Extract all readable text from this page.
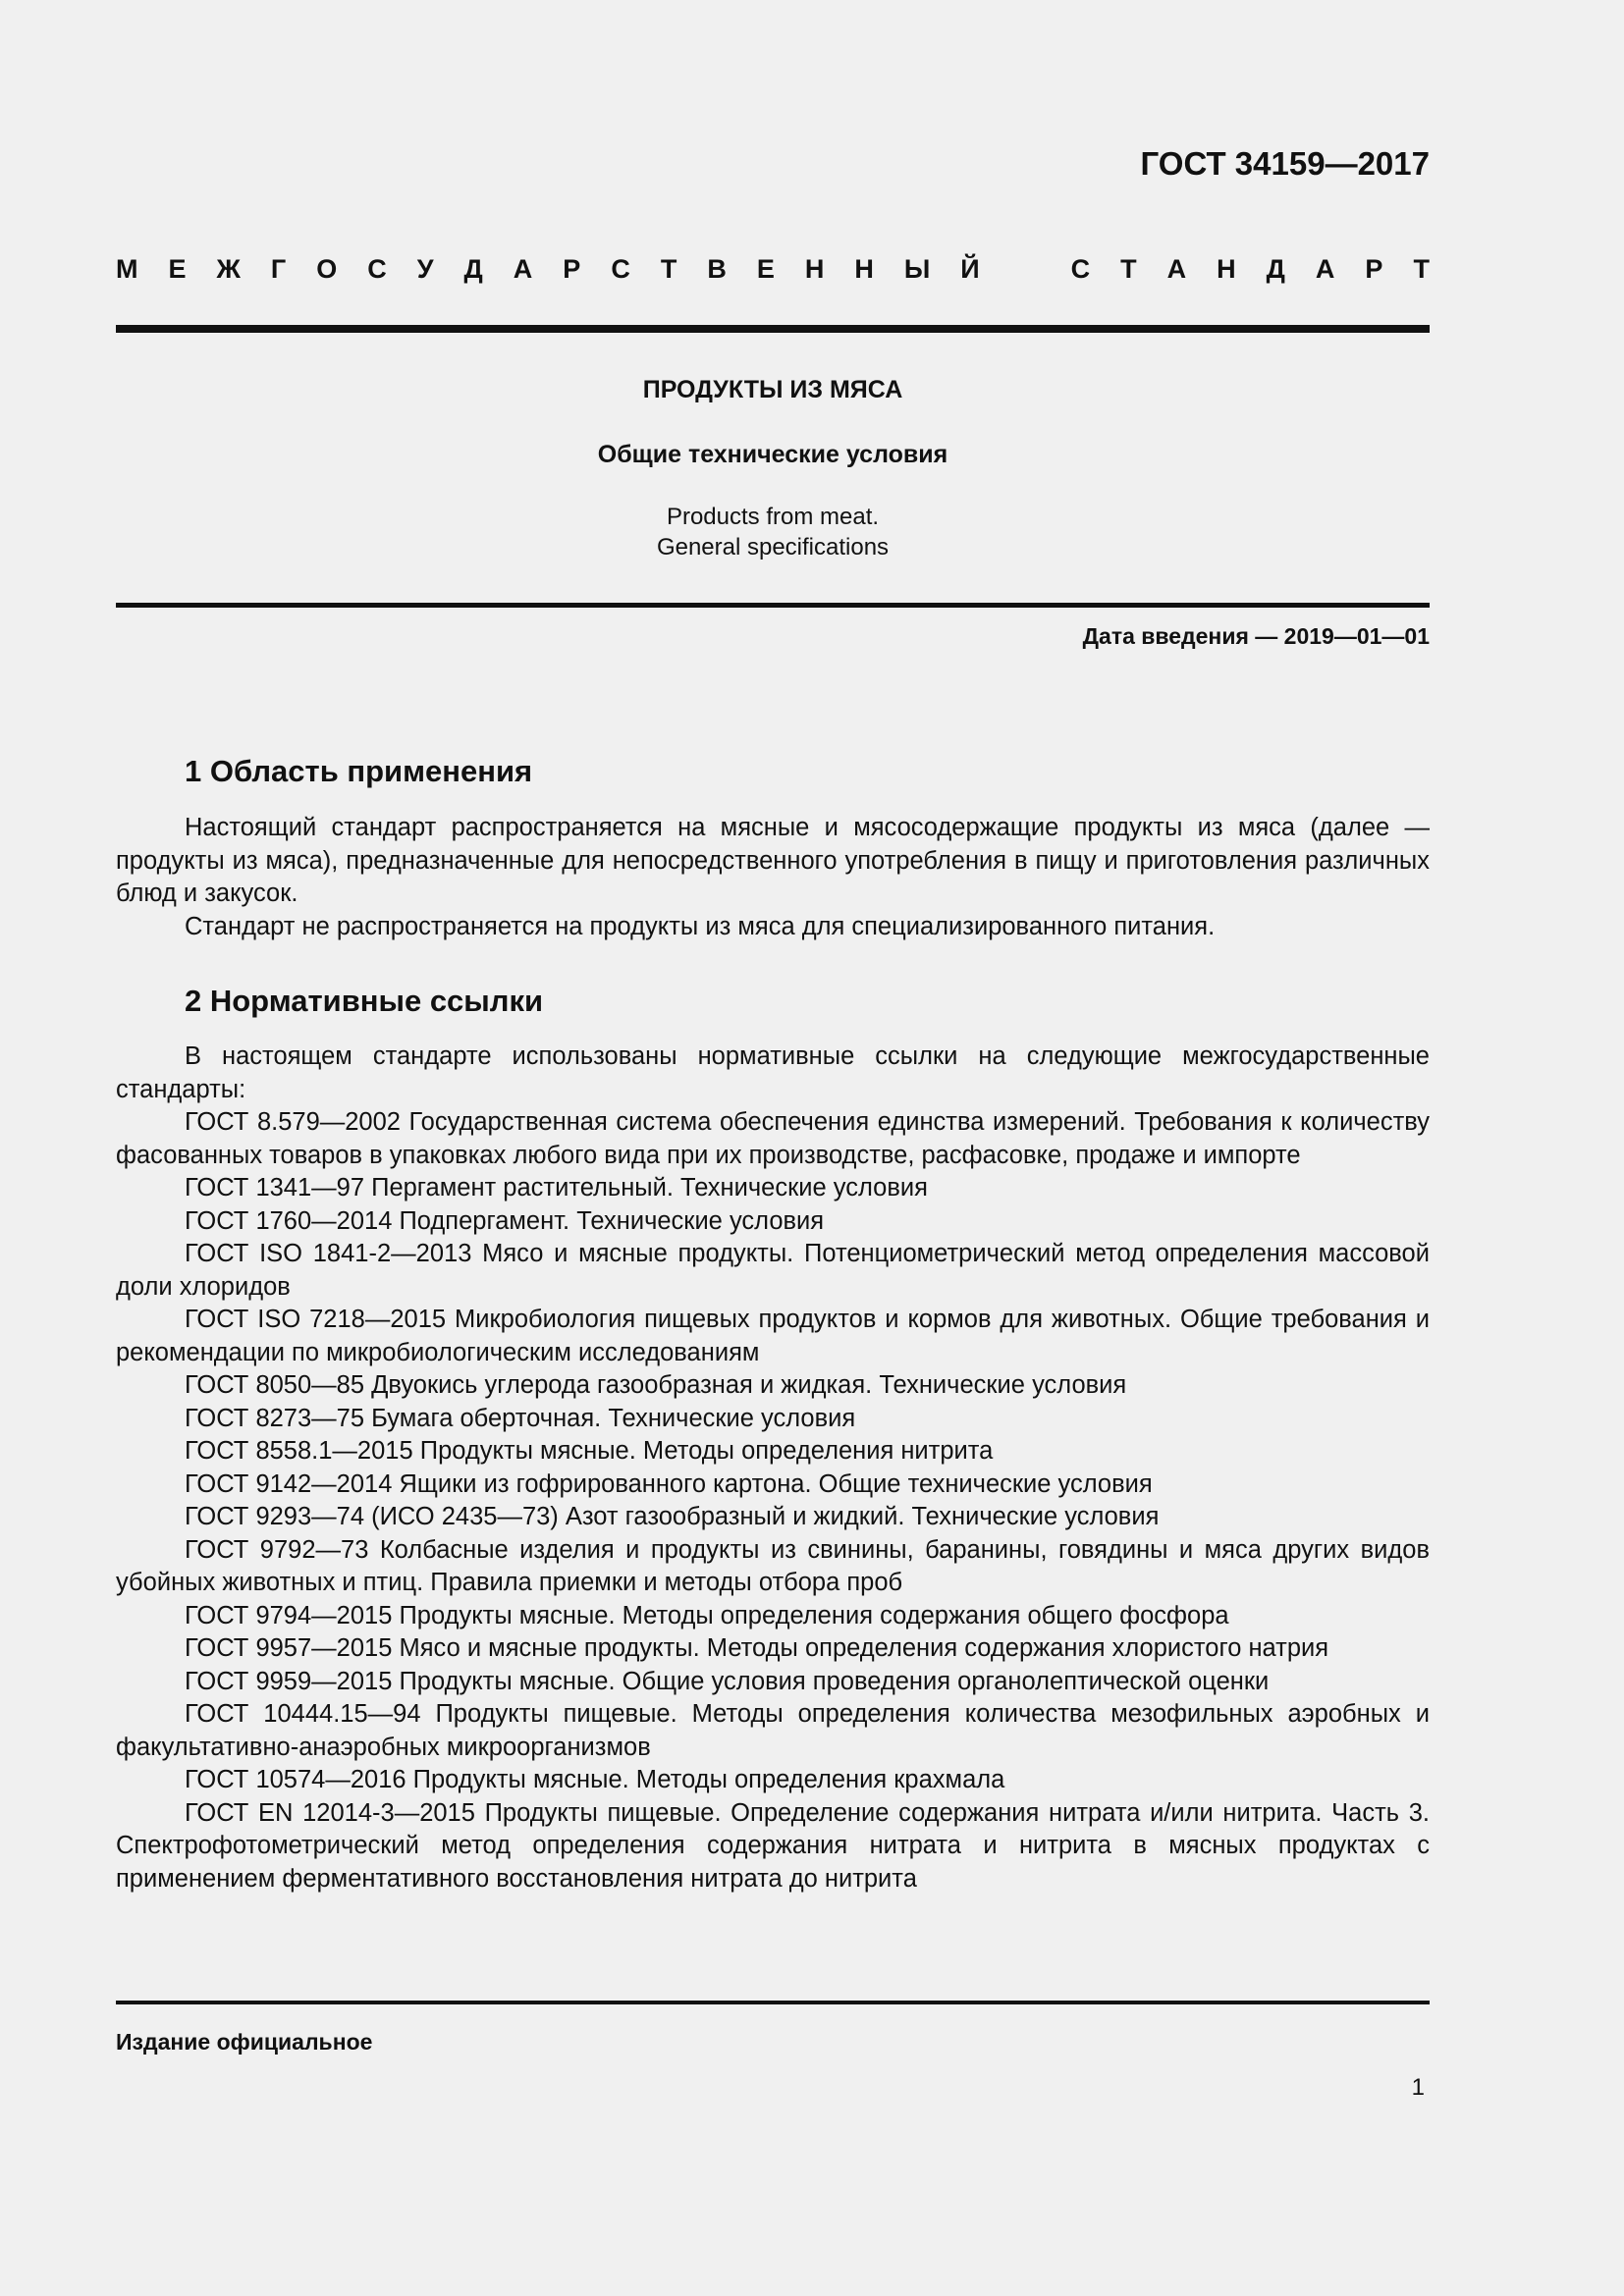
ГОСТ 34159—2017
М Е Ж Г О С У Д А Р С Т В Е Н Н Ы Й	С Т А Н Д А Р Т
ПРОДУКТЫ ИЗ МЯСА
Общие технические условия
Products from meat.
General specifications
Дата введения — 2019—01—01
1 Область применения

Настоящий стандарт распространяется на мясные и мясосодержащие продукты из мяса (далее — продукты из мяса), предназначенные для непосредственного употребления в пищу и приготовления различных блюд и закусок.

Стандарт не распространяется на продукты из мяса для специализированного питания.

2 Нормативные ссылки

В настоящем стандарте использованы нормативные ссылки на следующие межгосударственные стандарты:

ГОСТ 8.579—2002 Государственная система обеспечения единства измерений. Требования к количеству фасованных товаров в упаковках любого вида при их производстве, расфасовке, продаже и импорте

ГОСТ 1341—97 Пергамент растительный. Технические условия

ГОСТ 1760—2014 Подпергамент. Технические условия

ГОСТ ISO 1841-2—2013 Мясо и мясные продукты. Потенциометрический метод определения массовой доли хлоридов

ГОСТ ISO 7218—2015 Микробиология пищевых продуктов и кормов для животных. Общие требования и рекомендации по микробиологическим исследованиям

ГОСТ 8050—85 Двуокись углерода газообразная и жидкая. Технические условия

ГОСТ 8273—75 Бумага оберточная. Технические условия

ГОСТ 8558.1—2015 Продукты мясные. Методы определения нитрита

ГОСТ 9142—2014 Ящики из гофрированного картона. Общие технические условия

ГОСТ 9293—74 (ИСО 2435—73) Азот газообразный и жидкий. Технические условия

ГОСТ 9792—73 Колбасные изделия и продукты из свинины, баранины, говядины и мяса других видов убойных животных и птиц. Правила приемки и методы отбора проб

ГОСТ 9794—2015 Продукты мясные. Методы определения содержания общего фосфора

ГОСТ 9957—2015 Мясо и мясные продукты. Методы определения содержания хлористого натрия

ГОСТ 9959—2015 Продукты мясные. Общие условия проведения органолептической оценки

ГОСТ 10444.15—94 Продукты пищевые. Методы определения количества мезофильных аэробных и факультативно-анаэробных микроорганизмов

ГОСТ 10574—2016 Продукты мясные. Методы определения крахмала

ГОСТ EN 12014-3—2015 Продукты пищевые. Определение содержания нитрата и/или нитрита. Часть 3. Спектрофотометрический метод определения содержания нитрата и нитрита в мясных продуктах с применением ферментативного восстановления нитрата до нитрита

Издание официальное
1
